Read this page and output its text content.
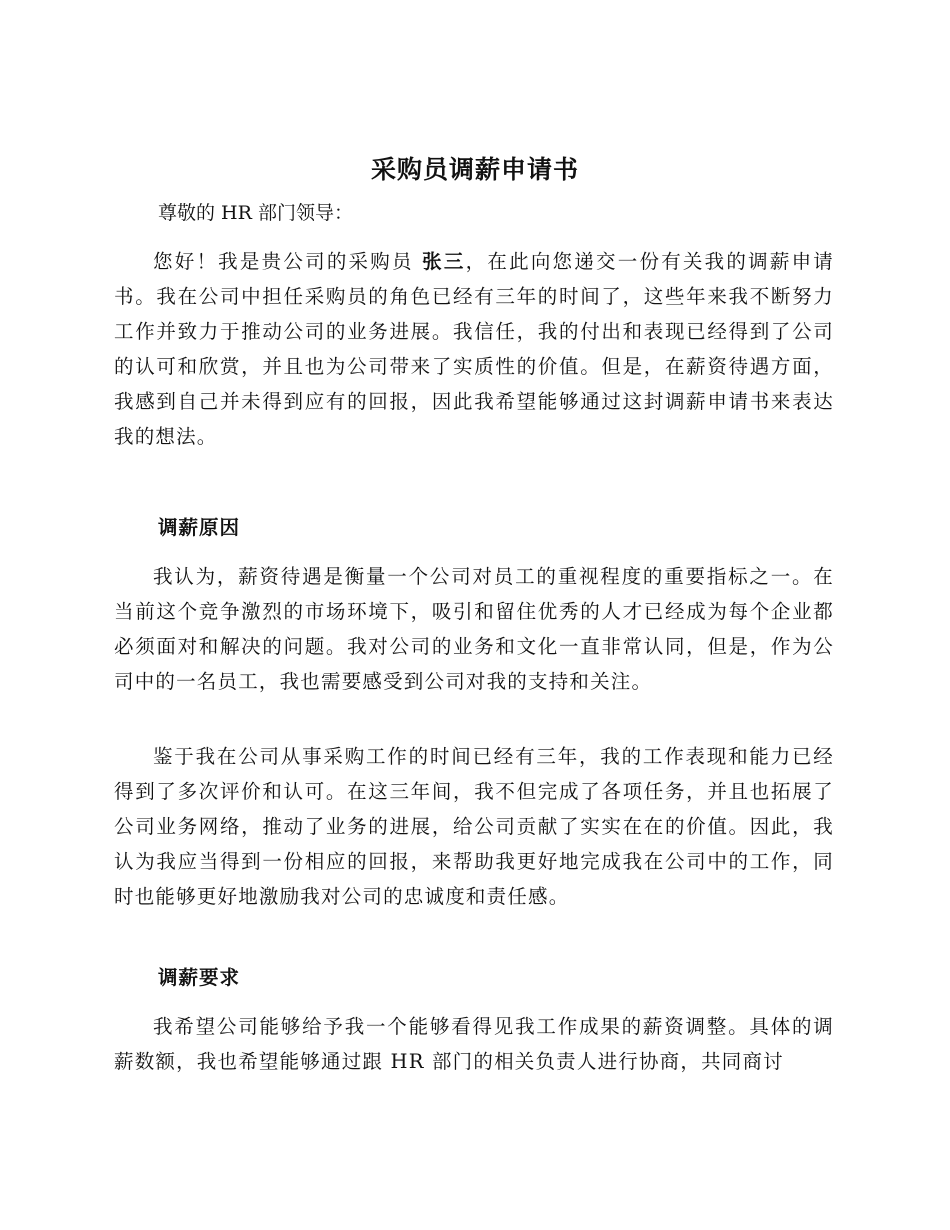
采购员调薪申请书

尊敬的 HR 部门领导：

您好！我是贵公司的采购员 张三，在此向您递交一份有关我的调薪申请书。我在公司中担任采购员的角色已经有三年的时间了，这些年来我不断努力工作并致力于推动公司的业务进展。我信任，我的付出和表现已经得到了公司的认可和欣赏，并且也为公司带来了实质性的价值。但是，在薪资待遇方面，我感到自己并未得到应有的回报，因此我希望能够通过这封调薪申请书来表达我的想法。

调薪原因

我认为，薪资待遇是衡量一个公司对员工的重视程度的重要指标之一。在当前这个竞争激烈的市场环境下，吸引和留住优秀的人才已经成为每个企业都必须面对和解决的问题。我对公司的业务和文化一直非常认同，但是，作为公司中的一名员工，我也需要感受到公司对我的支持和关注。

鉴于我在公司从事采购工作的时间已经有三年，我的工作表现和能力已经得到了多次评价和认可。在这三年间，我不但完成了各项任务，并且也拓展了公司业务网络，推动了业务的进展，给公司贡献了实实在在的价值。因此，我认为我应当得到一份相应的回报，来帮助我更好地完成我在公司中的工作，同时也能够更好地激励我对公司的忠诚度和责任感。

调薪要求

我希望公司能够给予我一个能够看得见我工作成果的薪资调整。具体的调薪数额，我也希望能够通过跟 HR 部门的相关负责人进行协商，共同商讨
